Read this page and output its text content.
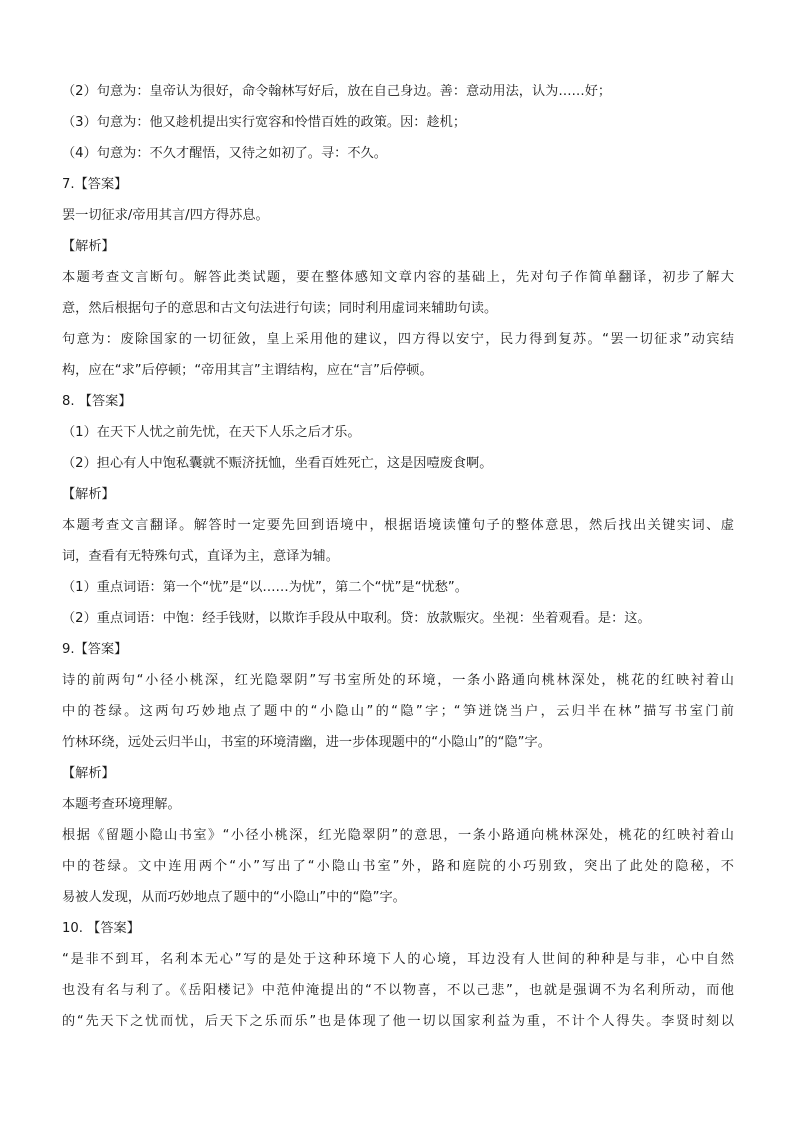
（2）句意为：皇帝认为很好，命令翰林写好后，放在自己身边。善：意动用法，认为……好；
（3）句意为：他又趁机提出实行宽容和怜惜百姓的政策。因：趁机；
（4）句意为：不久才醒悟，又待之如初了。寻：不久。
7.【答案】
罢一切征求/帝用其言/四方得苏息。
【解析】
本题考查文言断句。解答此类试题，要在整体感知文章内容的基础上，先对句子作简单翻译，初步了解大
意，然后根据句子的意思和古文句法进行句读；同时利用虚词来辅助句读。
句意为：废除国家的一切征敛，皇上采用他的建议，四方得以安宁，民力得到复苏。“罢一切征求”动宾结
构，应在“求”后停顿；“帝用其言”主谓结构，应在“言”后停顿。
8. 【答案】
（1）在天下人忧之前先忧，在天下人乐之后才乐。
（2）担心有人中饱私囊就不赈济抚恤，坐看百姓死亡，这是因噎废食啊。
【解析】
本题考查文言翻译。解答时一定要先回到语境中，根据语境读懂句子的整体意思，然后找出关键实词、虚
词，查看有无特殊句式，直译为主，意译为辅。
（1）重点词语：第一个“忧”是“以……为忧”，第二个“忧”是“忧愁”。
（2）重点词语：中饱：经手钱财，以欺诈手段从中取利。贷：放款赈灾。坐视：坐着观看。是：这。
9.【答案】
诗的前两句“小径小桃深，红光隐翠阴”写书室所处的环境，一条小路通向桃林深处，桃花的红映衬着山
中的苍绿。这两句巧妙地点了题中的“小隐山”的“隐”字；“笋迸饶当户，云归半在林”描写书室门前
竹林环绕，远处云归半山，书室的环境清幽，进一步体现题中的“小隐山”的“隐”字。
【解析】
本题考查环境理解。
根据《留题小隐山书室》“小径小桃深，红光隐翠阴”的意思，一条小路通向桃林深处，桃花的红映衬着山
中的苍绿。文中连用两个“小”写出了“小隐山书室”外，路和庭院的小巧别致，突出了此处的隐秘，不
易被人发现，从而巧妙地点了题中的“小隐山”中的“隐”字。
10. 【答案】
“是非不到耳，名利本无心”写的是处于这种环境下人的心境，耳边没有人世间的种种是与非，心中自然
也没有名与利了。《岳阳楼记》中范仲淹提出的“不以物喜，不以己悲”，也就是强调不为名利所动，而他
的“先天下之忧而忧，后天下之乐而乐”也是体现了他一切以国家利益为重，不计个人得失。李贤时刻以
